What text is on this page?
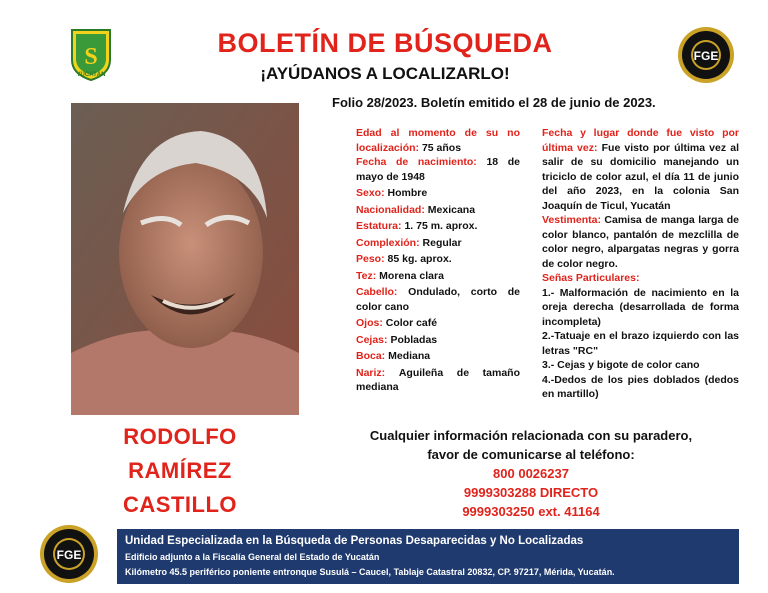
BOLETÍN DE BÚSQUEDA
¡AYÚDANOS A LOCALIZARLO!
Folio 28/2023. Boletín emitido el 28 de junio de 2023.
S
YUCATÁN
FGE
RODOLFO
RAMÍREZ
CASTILLO
Edad al momento de su no localización: 75 años
Fecha de nacimiento: 18 de mayo de 1948
Sexo: Hombre
Nacionalidad: Mexicana
Estatura: 1. 75 m. aprox.
Complexión: Regular
Peso: 85 kg. aprox.
Tez: Morena clara
Cabello: Ondulado, corto de color cano
Ojos: Color café
Cejas: Pobladas
Boca: Mediana
Nariz: Aguileña de tamaño mediana
Fecha y lugar donde fue visto por última vez: Fue visto por última vez al salir de su domicilio manejando un triciclo de color azul, el día 11 de junio del año 2023, en la colonia San Joaquín de Ticul, Yucatán
Vestimenta: Camisa de manga larga de color blanco, pantalón de mezclilla de color negro, alpargatas negras y gorra de color negro.
Señas Particulares:
1.- Malformación de nacimiento en la oreja derecha (desarrollada de forma incompleta)
2.-Tatuaje en el brazo izquierdo con las letras "RC"
3.- Cejas y bigote de color cano
4.-Dedos de los pies doblados (dedos en martillo)
Cualquier información relacionada con su paradero,
favor de comunicarse al teléfono:
800 0026237
9999303288 DIRECTO
9999303250 ext. 41164
FGE
Unidad Especializada en la Búsqueda de Personas Desaparecidas y No Localizadas
Edificio adjunto a la Fiscalía General del Estado de Yucatán
Kilómetro 45.5 periférico poniente entronque Susulá – Caucel, Tablaje Catastral 20832, CP. 97217, Mérida, Yucatán.
